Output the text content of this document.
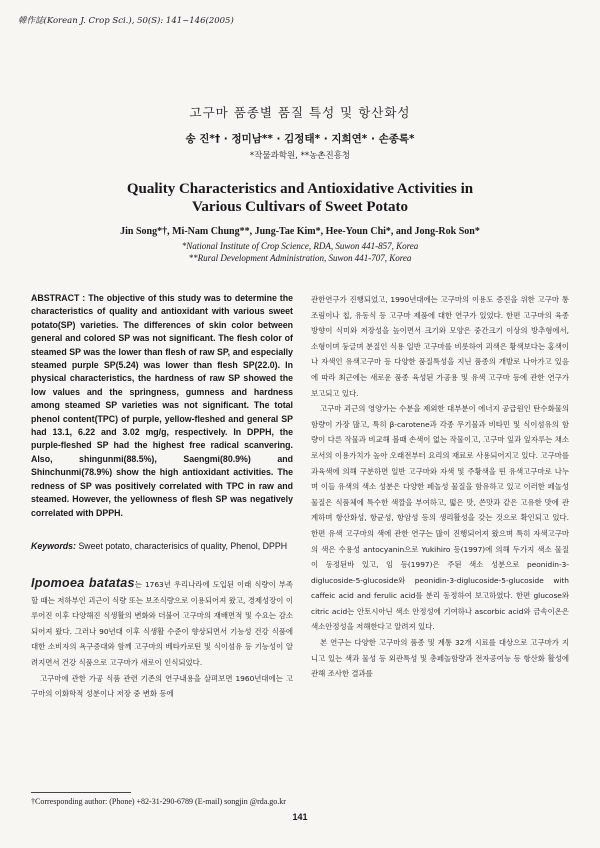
韓作誌(Korean J. Crop Sci.), 50(S): 141~146(2005)
고구마 품종별 품질 특성 및 항산화성
송 진*† · 정미남** · 김정태* · 지희연* · 손종록*
*작물과학원, **농촌진흥청
Quality Characteristics and Antioxidative Activities in
Various Cultivars of Sweet Potato
Jin Song*†, Mi-Nam Chung**, Jung-Tae Kim*, Hee-Youn Chi*, and Jong-Rok Son*
*National Institute of Crop Science, RDA, Suwon 441-857, Korea
**Rural Development Administration, Suwon 441-707, Korea

ABSTRACT : The objective of this study was to determine the characteristics of quality and antioxidant with various sweet potato(SP) varieties. The differences of skin color between general and colored SP was not significant. The flesh color of steamed SP was the lower than flesh of raw SP, and especially steamed purple SP(5.24) was lower than flesh SP(22.0). In physical characteristics, the hardness of raw SP showed the low values and the springness, gumness and hardness among steamed SP varieties was not significant. The total phenol content(TPC) of purple, yellow-fleshed and general SP had 13.1, 6.22 and 3.02 mg/g, respectively. In DPPH, the purple-fleshed SP had the highest free radical scanvering. Also, shingunmi(88.5%), Saengmi(80.9%) and Shinchunmi(78.9%) show the high antioxidant activities. The redness of SP was positively correlated with TPC in raw and steamed. However, the yellowness of flesh SP was negatively correlated with DPPH.

Keywords: Sweet potato, characterisics of quality, Phenol, DPPH

Ipomoea batatas는 1763년 우리나라에 도입된 이래 식량이 부족할 때는 저하부인 괴근이 식량 또는 보조식량으로 이용되어져 왔고, 경제성장이 이루어진 이후 다양해진 식생활의 변화와 더불어 고구마의 재배면적 및 수요는 감소되어져 왔다. 그러나 90년대 이후 식생활 수준이 향상되면서 기능성 건강 식품에 대한 소비자의 욕구증대와 함께 고구마의 베타카로틴 및 식이섬유 등 기능성이 알려지면서 건강 식품으로 고구마가 새로이 인식되었다.

고구마에 관한 가공 식품 관련 기존의 연구내용을 살펴보면 1960년대에는 고구마의 이화학적 성분이나 저장 중 변화 등에

†Corresponding author: (Phone) +82-31-290-6789 (E-mail) songjin @rda.go.kr

관한연구가 진행되었고, 1990년대에는 고구마의 이용도 증진을 위한 고구마 통조림이나 칩, 유동식 등 고구마 제품에 대한 연구가 있었다. 한편 고구마의 육종 방향이 식미와 저장성을 높이면서 크기와 모양은 중간크기 이상의 방추형에서, 소형이며 둥글며 분질인 식용 일반 고구마를 비롯하여 괴색은 황색보다는 홍색이나 자색인 유색고구마 등 다양한 품질특성을 지닌 품종의 개발로 나아가고 있음에 따라 최근에는 새로운 품종 육성된 가공용 및 유색 고구마 등에 관한 연구가 보고되고 있다.

고구마 괴근의 영양가는 수분을 제외한 대부분이 에너지 공급원인 탄수화물의 함량이 가장 많고, 특히 β-carotene과 각종 무기물과 비타민 및 식이섬유의 함량이 다른 작물과 비교해 볼때 손색이 없는 작물이고, 고구마 잎과 잎자루는 채소로서의 이용가치가 높아 오래전부터 요리의 재료로 사용되어지고 있다. 고구마를 과육색에 의해 구분하면 일반 고구마와 자색 및 주황색을 띤 유색고구마로 나누며 이들 유색의 색소 성분은 다양한 페놀성 물질을 함유하고 있고 이러한 페놀성 물질은 식품체에 특수한 색깔을 부여하고, 떫은 맛, 쓴맛과 같은 고유한 맛에 관계하며 항산화성, 항균성, 항암성 등의 생리활성을 갖는 것으로 확인되고 있다. 한편 유색 고구마의 색에 관한 연구는 많이 진행되어져 왔으며 특히 자색고구마의 색은 수용성 antocyanin으로 Yukihiro 등(1997)에 의해 두가지 색소 물질이 동정된바 있고, 임 등(1997)은 주된 색소 성분으로 peonidin-3-diglucoside-5-glucoside와 peonidin-3-diglucoside-5-glucoside with caffeic acid and ferulic acid를 분리 동정하여 보고하였다. 한편 glucose와 citric acid는 안토시아닌 색소 안정성에 기여하나 ascorbic acid와 금속이온은 색소안정성을 저해한다고 알려져 있다.

본 연구는 다양한 고구마의 품종 및 계통 32개 시료를 대상으로 고구마가 지니고 있는 색과 물성 등 외관특성 및 총페놀함량과 전자공여능 등 항산화 활성에 관해 조사한 결과를

141
